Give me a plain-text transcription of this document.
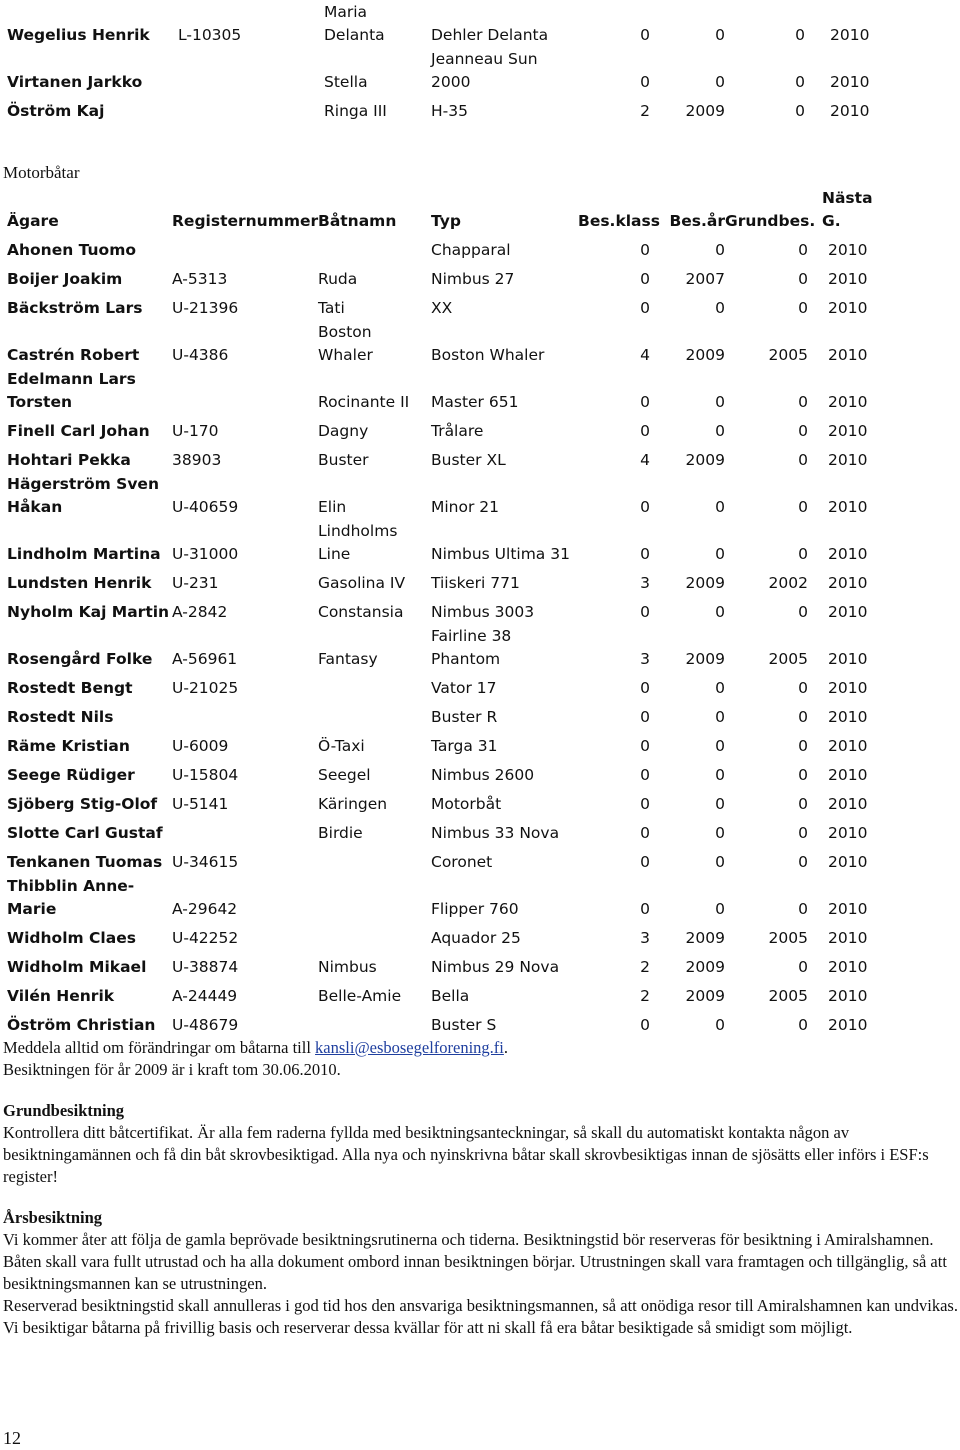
Wegelius Henrik	L-10305	Maria Delanta	Dehler Delanta	0	0	0	2010
Virtanen Jarkko		Stella	Jeanneau Sun 2000	0	0	0	2010
Öström Kaj		Ringa III	H-35	2	2009	0	2010
Motorbåtar
Ägare	Registernummer	Båtnamn	Typ	Bes.klass	Bes.år	Grundbes.	Nästa G.
Ahonen Tuomo			Chapparal	0	0	0	2010
Boijer Joakim	A-5313	Ruda	Nimbus 27	0	2007	0	2010
Bäckström Lars	U-21396	Tati	XX	0	0	0	2010
Castrén Robert	U-4386	Boston Whaler	Boston Whaler	4	2009	2005	2010
Edelmann Lars Torsten		Rocinante II	Master 651	0	0	0	2010
Finell Carl Johan	U-170	Dagny	Trålare	0	0	0	2010
Hohtari Pekka	38903	Buster	Buster XL	4	2009	0	2010
Hägerström Sven Håkan	U-40659	Elin	Minor 21	0	0	0	2010
Lindholm Martina	U-31000	Lindholms Line	Nimbus Ultima 31	0	0	0	2010
Lundsten Henrik	U-231	Gasolina IV	Tiiskeri 771	3	2009	2002	2010
Nyholm Kaj Martin	A-2842	Constansia	Nimbus 3003	0	0	0	2010
Rosengård Folke	A-56961	Fantasy	Fairline 38 Phantom	3	2009	2005	2010
Rostedt Bengt	U-21025		Vator 17	0	0	0	2010
Rostedt Nils			Buster R	0	0	0	2010
Räme Kristian	U-6009	Ö-Taxi	Targa 31	0	0	0	2010
Seege Rüdiger	U-15804	Seegel	Nimbus 2600	0	0	0	2010
Sjöberg Stig-Olof	U-5141	Käringen	Motorbåt	0	0	0	2010
Slotte Carl Gustaf		Birdie	Nimbus 33 Nova	0	0	0	2010
Tenkanen Tuomas	U-34615		Coronet	0	0	0	2010
Thibblin Anne-Marie	A-29642		Flipper 760	0	0	0	2010
Widholm Claes	U-42252		Aquador 25	3	2009	2005	2010
Widholm Mikael	U-38874	Nimbus	Nimbus 29 Nova	2	2009	0	2010
Vilén Henrik	A-24449	Belle-Amie	Bella	2	2009	2005	2010
Öström Christian	U-48679		Buster S	0	0	0	2010

Meddela alltid om förändringar om båtarna till kansli@esbosegelforening.fi.

Besiktningen för år 2009 är i kraft tom 30.06.2010.

Grundbesiktning

Kontrollera ditt båtcertifikat. Är alla fem raderna fyllda med besiktningsanteckningar, så skall du automatiskt kontakta någon av besiktningamännen och få din båt skrovbesiktigad. Alla nya och nyinskrivna båtar skall skrovbesiktigas innan de sjösätts eller införs i ESF:s register!

Årsbesiktning

Vi kommer åter att följa de gamla beprövade besiktningsrutinerna och tiderna. Besiktningstid bör reserveras för besiktning i Amiralshamnen. Båten skall vara fullt utrustad och ha alla dokument ombord innan besiktningen börjar. Utrustningen skall vara framtagen och tillgänglig, så att besiktningsmannen kan se utrustningen.

Reserverad besiktningstid skall annulleras i god tid hos den ansvariga besiktningsmannen, så att onödiga resor till Amiralshamnen kan undvikas. Vi besiktigar båtarna på frivillig basis och reserverar dessa kvällar för att ni skall få era båtar besiktigade så smidigt som möjligt.

12
